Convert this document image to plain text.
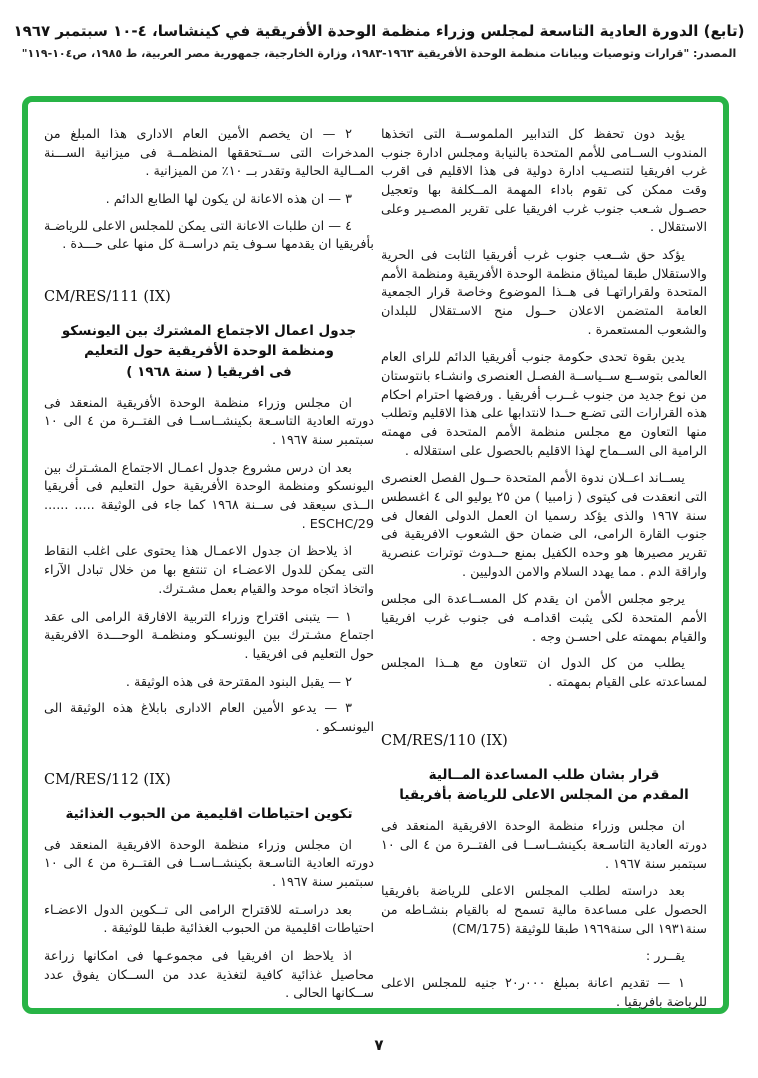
(تابع) الدورة العادية التاسعة لمجلس وزراء منظمة الوحدة الأفريقية في كينشاسا، ٤-١٠ سبتمبر ١٩٦٧
المصدر: "قرارات وتوصيات وبيانات منظمة الوحدة الأفريقية ١٩٦٣-١٩٨٣، وزارة الخارجية، جمهورية مصر العربية، ط ١٩٨٥، ص١٠٤-١١٩"

يؤيد دون تحفظ كل التدابير الملموســة التى اتخذها المندوب الســامى للأمم المتحدة بالنيابة ومجلس ادارة جنوب غرب افريقيا لتنصـيب ادارة دولية فى هذا الاقليم فى اقرب وقت ممكن كى تقوم باداء المهمة المــكلفة بها وتعجيل حصـول شـعب جنوب غرب افريقيا على تقرير المصـير وعلى الاستقلال .

يؤكد حق شــعب جنوب غرب أفريقيا الثابت فى الحرية والاستقلال طبقا لميثاق منظمة الوحدة الأفريقية ومنظمة الأمم المتحدة ولقراراتهـا فى هــذا الموضوع وخاصة قرار الجمعية العامة المتضمن الاعلان حــول منح الاسـتقلال للبلدان والشعوب المستعمرة .

يدين بقوة تحدى حكومة جنوب أفريقيا الدائم للراى العام العالمى بتوســع ســياســة الفصـل العنصرى وانشـاء بانتوستان من نوع جديد من جنوب غــرب أفريقيا . ورفضها احترام احكام هذه القرارات التى تضـع حــدا لانتدابها على هذا الاقليم وتطلب منها التعاون مع مجلس منظمة الأمم المتحدة فى مهمته الرامية الى الســماح لهذا الاقليم بالحصول على استقلاله .

يســاند اعــلان ندوة الأمم المتحدة حــول الفصل العنصرى التى انعقدت فى كيتوى ( زامبيا ) من ٢٥ يوليو الى ٤ اغسطس سنة ١٩٦٧ والذى يؤكد رسميا ان العمل الدولى الفعال فى جنوب القارة الرامى، الى ضمان حق الشعوب الافريقية فى تقرير مصيرها هو وحده الكفيل بمنع حــدوث توترات عنصرية واراقة الدم . مما يهدد السلام والامن الدوليين .

يرجو مجلس الأمن ان يقدم كل المســاعدة الى مجلس الأمم المتحدة لكى يثبت اقدامـه فى جنوب غرب افريقيا والقيام بمهمته على احسـن وجه .

يطلب من كل الدول ان تتعاون مع هــذا المجلس لمساعدته على القيام بمهمته .

CM/RES/110 (IX)
قرار بشان طلب المساعدة المــالية
المقدم من المجلس الاعلى للرياضة بأفريقيا

ان مجلس وزراء منظمة الوحدة الافريقية المنعقد فى دورته العادية التاسـعة بكينشــاســا فى الفتــرة من ٤ الى ١٠ سبتمبر سنة ١٩٦٧ .

بعد دراسته لطلب المجلس الاعلى للرياضة بافريقيا الحصول على مساعدة مالية تسمح له بالقيام بنشـاطه من سنة١٩٣١ الى سنة١٩٦٩ طبقا للوثيقة (CM/175)

يقــرر :

١ — تقديم اعانة بمبلغ ٠٠٠ر٢٠ جنيه للمجلس الاعلى للرياضة بافريقيا .

٢ — ان يخصم الأمين العام الادارى هذا المبلغ من المدخرات التى ســتحققها المنظمــة فى ميزانية الســـنة المــالية الحالية وتقدر بــ ١٠٪ من الميزانية .

٣ — ان هذه الاعانة لن يكون لها الطابع الدائم .

٤ — ان طلبات الاعانة التى يمكن للمجلس الاعلى للرياضـة بأفريقيا ان يقدمها سـوف يتم دراســة كل منها على حـــدة .

CM/RES/111 (IX)
جدول اعمال الاجتماع المشترك بين اليونسكو
ومنظمة الوحدة الأفريقية حول التعليم
فى افريقيا ( سنة ١٩٦٨ )

ان مجلس وزراء منظمة الوحدة الأفريقية المنعقد فى دورته العادية التاسـعة بكينشــاســا فى الفتــرة من ٤ الى ١٠ سبتمبر سنة ١٩٦٧ .

بعد ان درس مشروع جدول اعمـال الاجتماع المشـترك بين اليونسكو ومنظمة الوحدة الأفريقية حول التعليم فى أفريقيا الــذى سيعقد فى ســنة ١٩٦٨ كما جاء فى الوثيقة ..... ...... ESCHC/29 .

اذ يلاحظ ان جدول الاعمـال هذا يحتوى على اغلب النقاط التى يمكن للدول الاعضـاء ان تنتفع بها من خلال تبادل الآراء واتخاذ اتجاه موحد والقيام بعمل مشـترك.

١ — يتبنى اقتراح وزراء التربية الافارقة الرامى الى عقد اجتماع مشـترك بين اليونسـكو ومنظمـة الوحـــدة الافريقية حول التعليم فى افريقيا .

٢ — يقبل البنود المقترحة فى هذه الوثيقة .

٣ — يدعو الأمين العام الادارى بابلاغ هذه الوثيقة الى اليونسـكو .

CM/RES/112 (IX)
تكوين احتياطات اقليمية من الحبوب الغذائية

ان مجلس وزراء منظمة الوحدة الافريقية المنعقد فى دورته العادية التاسـعة بكينشــاســا فى الفتــرة من ٤ الى ١٠ سبتمبر سنة ١٩٦٧ .

بعد دراسـته للاقتراح الرامى الى تــكوين الدول الاعضـاء احتياطات اقليمية من الحبوب الغذائية طبقا للوثيقة .

اذ يلاحظ ان افريقيا فى مجموعـها فى امكانها زراعة محاصيل غذائية كافية لتغذية عدد من الســكان يفوق عدد ســكانها الحالى .

٧
